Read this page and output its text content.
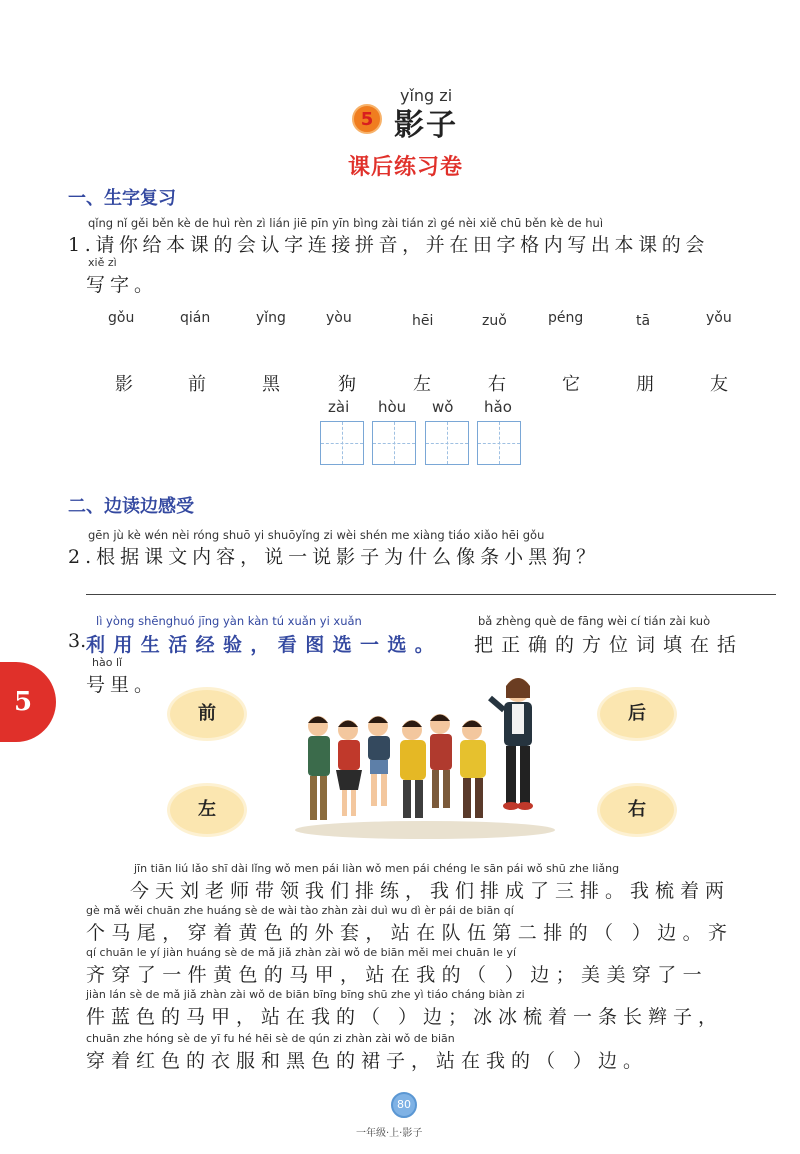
yǐng zi
5 影子
课后练习卷
一、生字复习
qǐng nǐ gěi běn kè de huì rèn zì lián jiē pīn yīn bìng zài tián zì gé nèi xiě chū běn kè de huì
1.请你给本课的会认字连接拼音，并在田字格内写出本课的会
xiě zì
写字。
gǒu	qián	yǐng	yòu	hēi	zuǒ	péng	tā	yǒu
影	前	黑	狗	左	右	它	朋	友
zài hòu wǒ hǎo
二、边读边感受
gēn jù kè wén nèi róng shuō yi shuōyǐng zi wèi shén me xiàng tiáo xiǎo hēi gǒu
2.根据课文内容，说一说影子为什么像条小黑狗？
lì yòng shēnghuó jīng yàn kàn tú xuǎn yi xuǎn	bǎ zhèng què de fāng wèi cí tián zài kuò
3. 利用生活经验，看图选一选。 把正确的方位词填在括
hào lǐ
号里。
前	后
左	右
jīn tiān liú lǎo shī dài lǐng wǒ men pái liàn wǒ men pái chéng le sān pái wǒ shū zhe liǎng
今天刘老师带领我们排练，我们排成了三排。我梳着两
gè mǎ wěi chuān zhe huáng sè de wài tào zhàn zài duì wu dì èr pái de biān qí
个马尾，穿着黄色的外套，站在队伍第二排的（ ）边。齐
qí chuān le yí jiàn huáng sè de mǎ jiǎ zhàn zài wǒ de biān měi mei chuān le yí
齐穿了一件黄色的马甲，站在我的（ ）边；美美穿了一
jiàn lán sè de mǎ jiǎ zhàn zài wǒ de biān bīng bīng shū zhe yì tiáo cháng biàn zi
件蓝色的马甲，站在我的（ ）边；冰冰梳着一条长辫子，
chuān zhe hóng sè de yī fu hé hēi sè de qún zi zhàn zài wǒ de biān
穿着红色的衣服和黑色的裙子，站在我的（ ）边。
5
80
一年级·上·影子
